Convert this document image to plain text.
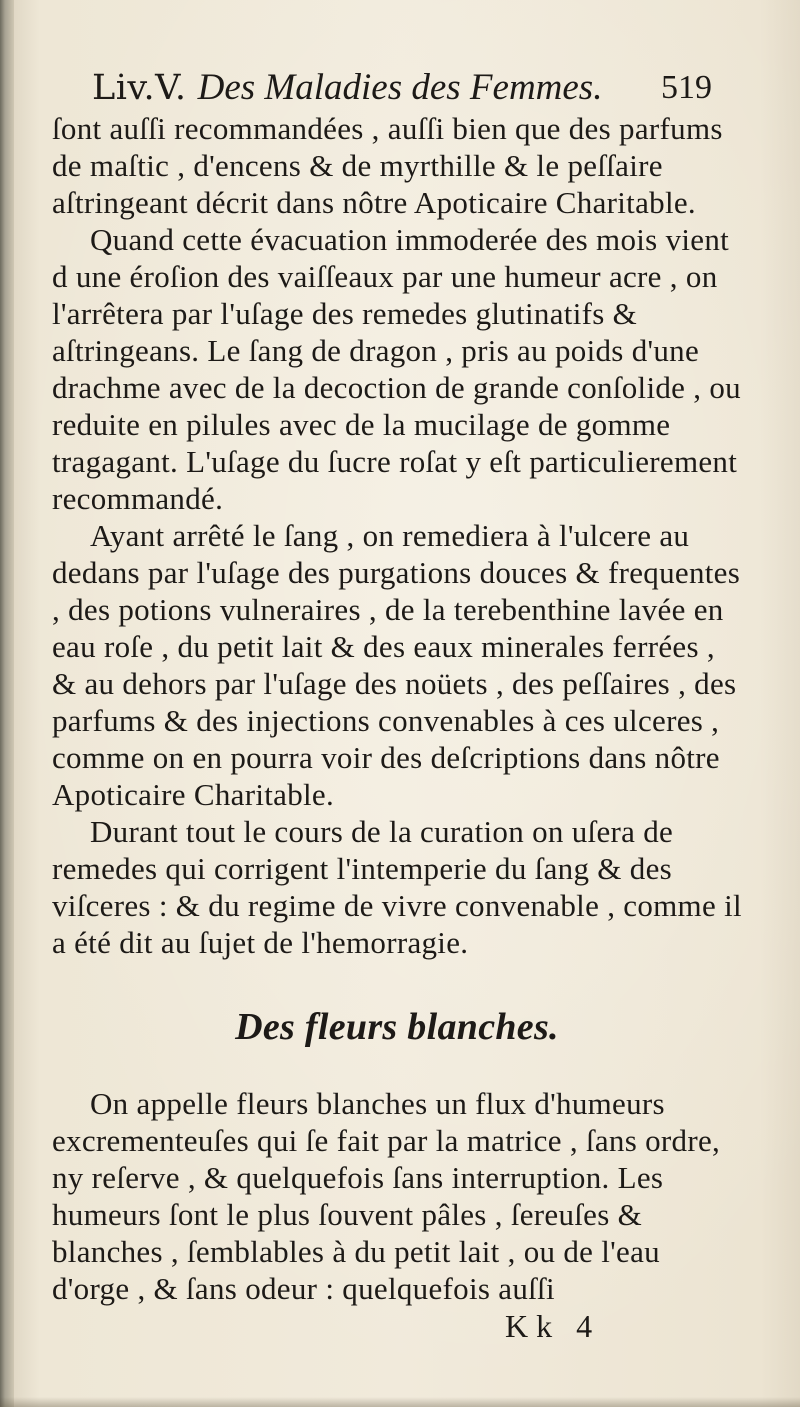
Liv.V. Des Maladies des Femmes. 519

ſont auſſi recommandées , auſſi bien que des parfums de maſtic , d'encens & de myrthille & le peſſaire aſtringeant décrit dans nôtre Apoticaire Charitable.

Quand cette évacuation immoderée des mois vient d une éroſion des vaiſſeaux par une humeur acre , on l'arrêtera par l'uſage des remedes glutinatifs & aſtringeans. Le ſang de dragon , pris au poids d'une drachme avec de la decoction de grande conſolide , ou reduite en pilules avec de la mucilage de gomme tragagant. L'uſage du ſucre roſat y eſt particulierement recommandé.

Ayant arrêté le ſang , on remediera à l'ulcere au dedans par l'uſage des purgations douces & frequentes , des potions vulneraires , de la terebenthine lavée en eau roſe , du petit lait & des eaux minerales ferrées , & au dehors par l'uſage des noüets , des peſſaires , des parfums & des injections convenables à ces ulceres , comme on en pourra voir des deſcriptions dans nôtre Apoticaire Charitable.

Durant tout le cours de la curation on uſera de remedes qui corrigent l'intemperie du ſang & des viſceres : & du regime de vivre convenable , comme il a été dit au ſujet de l'hemorragie.

Des fleurs blanches.

On appelle fleurs blanches un flux d'humeurs excrementeuſes qui ſe fait par la matrice , ſans ordre, ny reſerve , & quelquefois ſans interruption. Les humeurs ſont le plus ſouvent pâles , ſereuſes & blanches , ſemblables à du petit lait , ou de l'eau d'orge , & ſans odeur : quelquefois auſſi

Kk 4
